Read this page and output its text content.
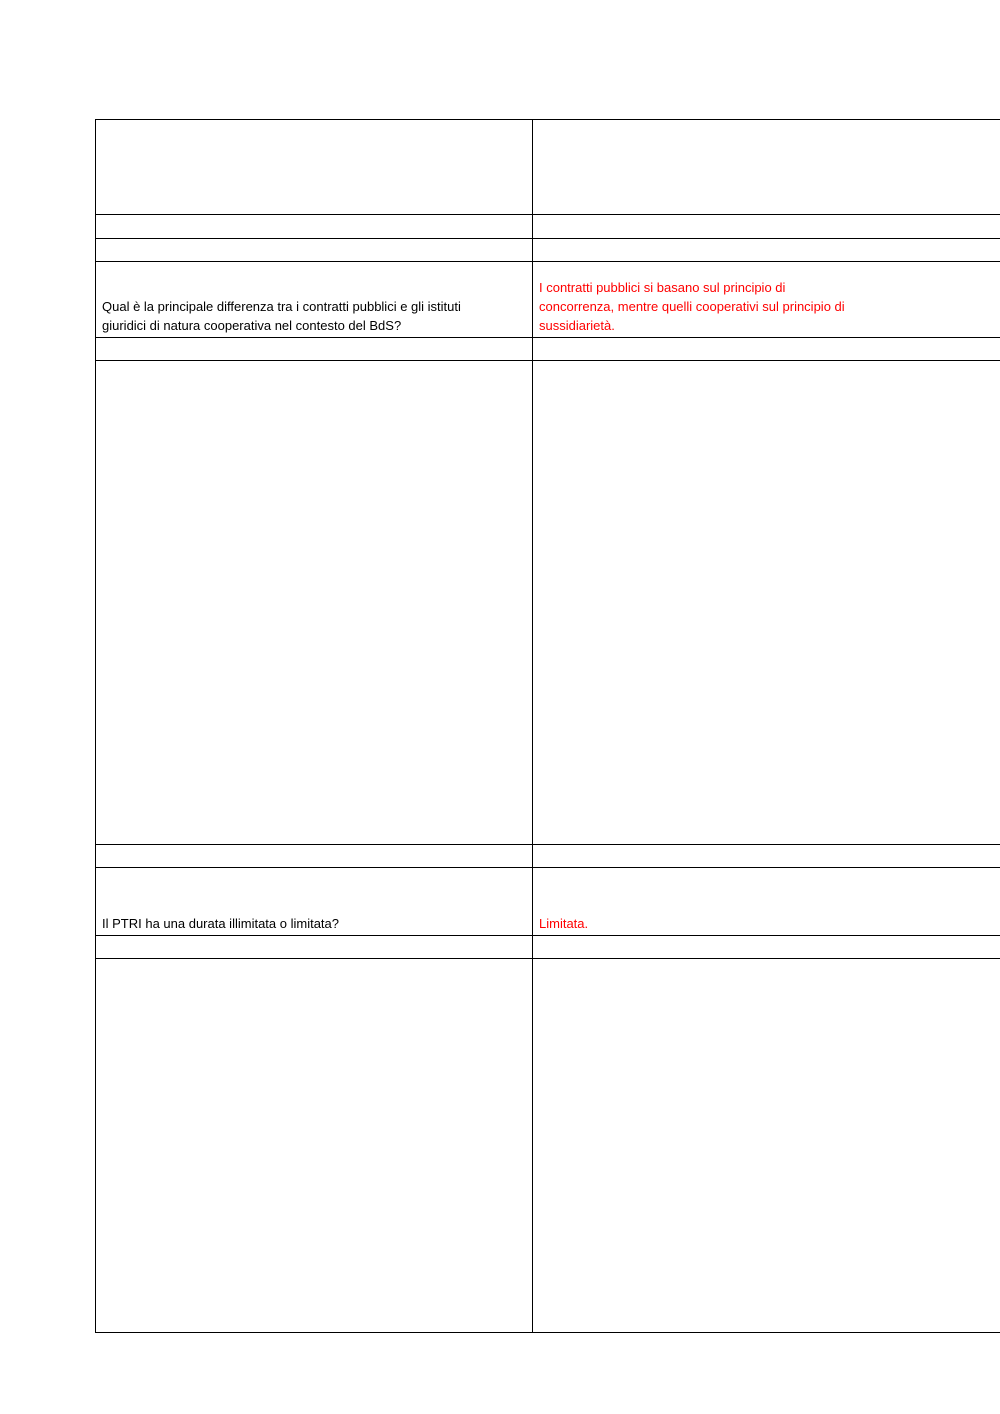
Qual è la principale differenza tra i contratti pubblici e gli istituti
giuridici di natura cooperativa nel contesto del BdS?	I contratti pubblici si basano sul principio di
concorrenza, mentre quelli cooperativi sul principio di
sussidiarietà.

Il PTRI ha una durata illimitata o limitata?	Limitata.
